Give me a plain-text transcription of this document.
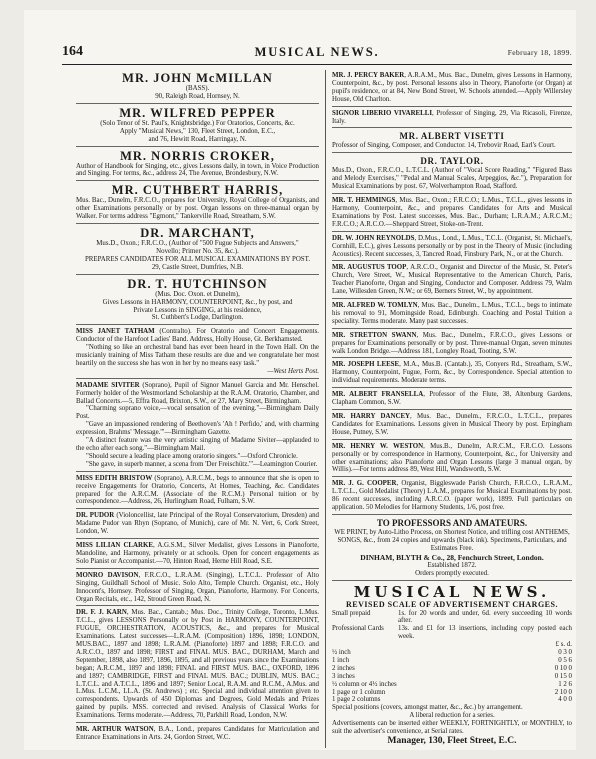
164	MUSICAL NEWS.	February 18, 1899.
MR. JOHN McMILLAN
(BASS).
90, Raleigh Road, Hornsey, N.
MR. WILFRED PEPPER
(Solo Tenor of St. Paul's, Knightsbridge.) For Oratorios, Concerts, &c.
Apply "Musical News," 130, Fleet Street, London, E.C.,
and 76, Hewitt Road, Harringay, N.
MR. NORRIS CROKER,
Author of Handbook for Singing, etc., gives Lessons daily, in town, in Voice Production and Singing. For terms, &c., address 24, The Avenue, Brondesbury, N.W.
MR. CUTHBERT HARRIS,
Mus. Bac., Dunelm, F.R.C.O., prepares for University, Royal College of Organists, and other Examinations personally or by post. Organ lessons on three-manual organ by Walker. For terms address "Egmont," Tankerville Road, Streatham, S.W.
DR. MARCHANT,
Mus.D., Oxon.; F.R.C.O., (Author of "500 Fugue Subjects and Answers,"
Novello; Primer No. 35, &c.).
PREPARES CANDIDATES FOR ALL MUSICAL EXAMINATIONS BY POST.
29, Castle Street, Dumfries, N.B.
DR. T. HUTCHINSON
(Mus. Doc. Oxon. et Dunelm),
Gives Lessons in HARMONY, COUNTERPOINT, &c., by post, and
Private Lessons in SINGING, at his residence,
St. Cuthbert's Lodge, Darlington.
MISS JANET TATHAM (Contralto). For Oratorio and Concert Engagements. Conductor of the Harefoot Ladies' Band. Address, Holly House, Gt. Berkhamsted.
"Nothing so like an orchestral band has ever been heard in the Town Hall. On the musicianly training of Miss Tatham these results are due and we congratulate her most heartily on the success she has won in her by no means easy task."
—West Herts Post.
MADAME SIVITER (Soprano), Pupil of Signor Manuel Garcia and Mr. Henschel. Formerly holder of the Westmorland Scholarship at the R.A.M. Oratorio, Chamber, and Ballad Concerts.—5, Effra Road, Brixton, S.W., or 27, Mary Street, Birmingham.
"Charming soprano voice,—vocal sensation of the evening."—Birmingham Daily Post.
"Gave an impassioned rendering of Beethoven's 'Ah ! Perfido,' and, with charming expression, Brahms' 'Message.'"—Birmingham Gazette.
"A distinct feature was the very artistic singing of Madame Siviter—applauded to the echo after each song."—Birmingham Mail.
"Should secure a leading place among oratorio singers."—Oxford Chronicle.
"She gave, in superb manner, a scena from 'Der Freischütz.'"—Leamington Courier.
MISS EDITH BRISTOW (Soprano), A.R.C.M., begs to announce that she is open to receive Engagements for Oratorio, Concerts, At Homes, Teaching, &c. Candidates prepared for the A.R.C.M. (Associate of the R.C.M.) Personal tuition or by correspondence.—Address, 26, Hurlingham Road, Fulham, S.W.
DR. PUDOR (Violoncellist, late Principal of the Royal Conservatorium, Dresden) and Madame Pudor van Rhyn (Soprano, of Munich), care of Mr. N. Vert, 6, Cork Street, London, W.
MISS LILIAN CLARKE, A.G.S.M., Silver Medalist, gives Lessons in Pianoforte, Mandoline, and Harmony, privately or at schools. Open for concert engagements as Solo Pianist or Accompanist.—70, Hinton Road, Herne Hill Road, S.E.
MONRO DAVISON, F.R.C.O., L.R.A.M. (Singing), L.T.C.L. Professor of Alto Singing, Guildhall School of Music. Solo Alto, Temple Church. Organist, etc., Holy Innocent's, Hornsey. Professor of Singing, Organ, Pianoforte, Harmony. For Concerts, Organ Recitals, etc., 142, Stroud Green Road, N.
DR. F. J. KARN, Mus. Bac., Cantab.; Mus. Doc., Trinity College, Toronto, L.Mus. T.C.L., gives LESSONS Personally or by Post in HARMONY, COUNTERPOINT, FUGUE, ORCHESTRATION, ACOUSTICS, &c., and prepares for Musical Examinations. Latest successes—L.R.A.M. (Composition) 1896, 1898; LONDON, MUS.BAC., 1897 and 1898; L.R.A.M. (Pianoforte) 1897 and 1898; F.R.C.O. and A.R.C.O., 1897 and 1898; FIRST and FINAL MUS. BAC., DURHAM, March and September, 1898, also 1897, 1896, 1895, and all previous years since the Examinations began; A.R.C.M., 1897 and 1898; FINAL and FIRST MUS. BAC., OXFORD, 1896 and 1897; CAMBRIDGE, FIRST and FINAL MUS. BAC.; DUBLIN, MUS. BAC.; L.T.C.L. and A.T.C.L., 1896 and 1897; Senior Local, R.A.M. and R.C.M., A.Mus. and L.Mus. L.C.M., LL.A. (St. Andrews) ; etc. Special and individual attention given to correspondents. Upwards of 450 Diplomas and Degrees, Gold Medals and Prizes gained by pupils. MSS. corrected and revised. Analysis of Classical Works for Examinations. Terms moderate.—Address, 70, Parkhill Road, London, N.W.
MR. ARTHUR WATSON, B.A., Lond., prepares Candidates for Matriculation and Entrance Examinations in Arts. 24, Gordon Street, W.C.
MR. J. PERCY BAKER, A.R.A.M., Mus. Bac., Dunelm, gives Lessons in Harmony, Counterpoint, &c., by post. Personal lessons also in Theory, Pianoforte (or Organ) at pupil's residence, or at 84, New Bond Street, W. Schools attended.—Apply Willersley House, Old Charlton.
SIGNOR LIBERIO VIVARELLI, Professor of Singing, 29, Via Ricasoli, Firenze, Italy.
MR. ALBERT VISETTI
Professor of Singing, Composer, and Conductor. 14, Trebovir Road, Earl's Court.
DR. TAYLOR.
Mus.D., Oxon., F.R.C.O., L.T.C.L. (Author of "Vocal Score Reading," "Figured Bass and Melody Exercises," "Pedal and Manual Scales, Arpeggios, &c."), Preparation for Musical Examinations by post. 67, Wolverhampton Road, Stafford.
MR. T. HEMMINGS, Mus. Bac., Oxon.; F.R.C.O.; L.Mus., T.C.L., gives lessons in Harmony, Counterpoint, &c., and prepares Candidates for Arts and Musical Examinations by Post. Latest successes, Mus. Bac., Durham; L.R.A.M.; A.R.C.M.; F.R.C.O.; A.R.C.O.—Sheppard Street, Stoke-on-Trent.
DR. W. JOHN REYNOLDS, D.Mus., Lond., L.Mus., T.C.L. (Organist, St. Michael's, Cornhill, E.C.), gives Lessons personally or by post in the Theory of Music (including Acoustics). Recent successes, 3, Tancred Road, Finsbury Park, N., or at the Church.
MR. AUGUSTUS TOOP, A.R.C.O., Organist and Director of the Music, St. Peter's Church, Vere Street, W., Musical Representative to the American Church, Paris, Teacher Pianoforte, Organ and Singing, Conductor and Composer. Address 79, Walm Lane, Willesden Green, N.W.; or 69, Berners Street, W., by appointment.
MR. ALFRED W. TOMLYN, Mus. Bac., Dunelm., L.Mus., T.C.L., begs to intimate his removal to 91, Morningside Road, Edinburgh. Coaching and Postal Tuition a speciality. Terms moderate. Many past successes.
MR. STRETTON SWANN, Mus. Bac., Dunelm., F.R.C.O., gives Lessons or prepares for Examinations personally or by post. Three-manual Organ, seven minutes walk London Bridge.—Address 181, Longley Road, Tooting, S.W.
MR. JOSEPH LEESE, M.A., Mus.B. (Cantab.), 35, Conyers Rd., Streatham, S.W., Harmony, Counterpoint, Fugue, Form, &c., by Correspondence. Special attention to individual requirements. Moderate terms.
MR. ALBERT FRANSELLA, Professor of the Flute, 38, Altenburg Gardens, Clapham Common, S.W.
MR. HARRY DANCEY, Mus. Bac., Dunelm., F.R.C.O., L.T.C.L., prepares Candidates for Examinations. Lessons given in Musical Theory by post. Erpingham House, Putney, S.W.
MR. HENRY W. WESTON, Mus.B., Dunelm, A.R.C.M., F.R.C.O. Lessons personally or by correspondence in Harmony, Counterpoint, &c., for University and other examinations; also Pianoforte and Organ Lessons (large 3 manual organ, by Willis).—For terms address 89, West Hill, Wandsworth, S.W.
MR. J. G. COOPER, Organist, Biggleswade Parish Church, F.R.C.O., L.R.A.M., L.T.C.L., Gold Medalist (Theory) L.A.M., prepares for Musical Examinations by post. 86 recent successes, including A.R.C.O. (paper work), 1899. Full particulars on application. 50 Melodies for Harmony Students, 1/6, post free.
TO PROFESSORS AND AMATEURS.
WE PRINT, by Auto-Litho Process, on Shortest Notice, and trifling cost ANTHEMS, SONGS, &c., from 24 copies and upwards (black ink). Specimens, Particulars, and Estimates Free.
DINHAM, BLYTH & Co., 28, Fenchurch Street, London.
Established 1872.
Orders promptly executed.
MUSICAL NEWS.
REVISED SCALE OF ADVERTISEMENT CHARGES.
Small prepaid	1s. for 20 words and under, 6d. every succeeding 10 words after.
Professional Cards	13s. and £1 for 13 insertions, including copy posted each week.
	£ s. d.
½ inch	0 3 0
1 inch	0 5 6
2 inches	0 10 0
3 inches	0 15 0
½ column or 4½ inches	1 2 6
1 page or 1 column	2 10 0
1 page 2 columns	4 0 0
Special positions (covers, amongst matter, &c., &c.) by arrangement.
A liberal reduction for a series.
Advertisements can be inserted either WEEKLY, FORTNIGHTLY, or MONTHLY, to suit the advertiser's convenience, at Serial rates.
Manager, 130, Fleet Street, E.C.
